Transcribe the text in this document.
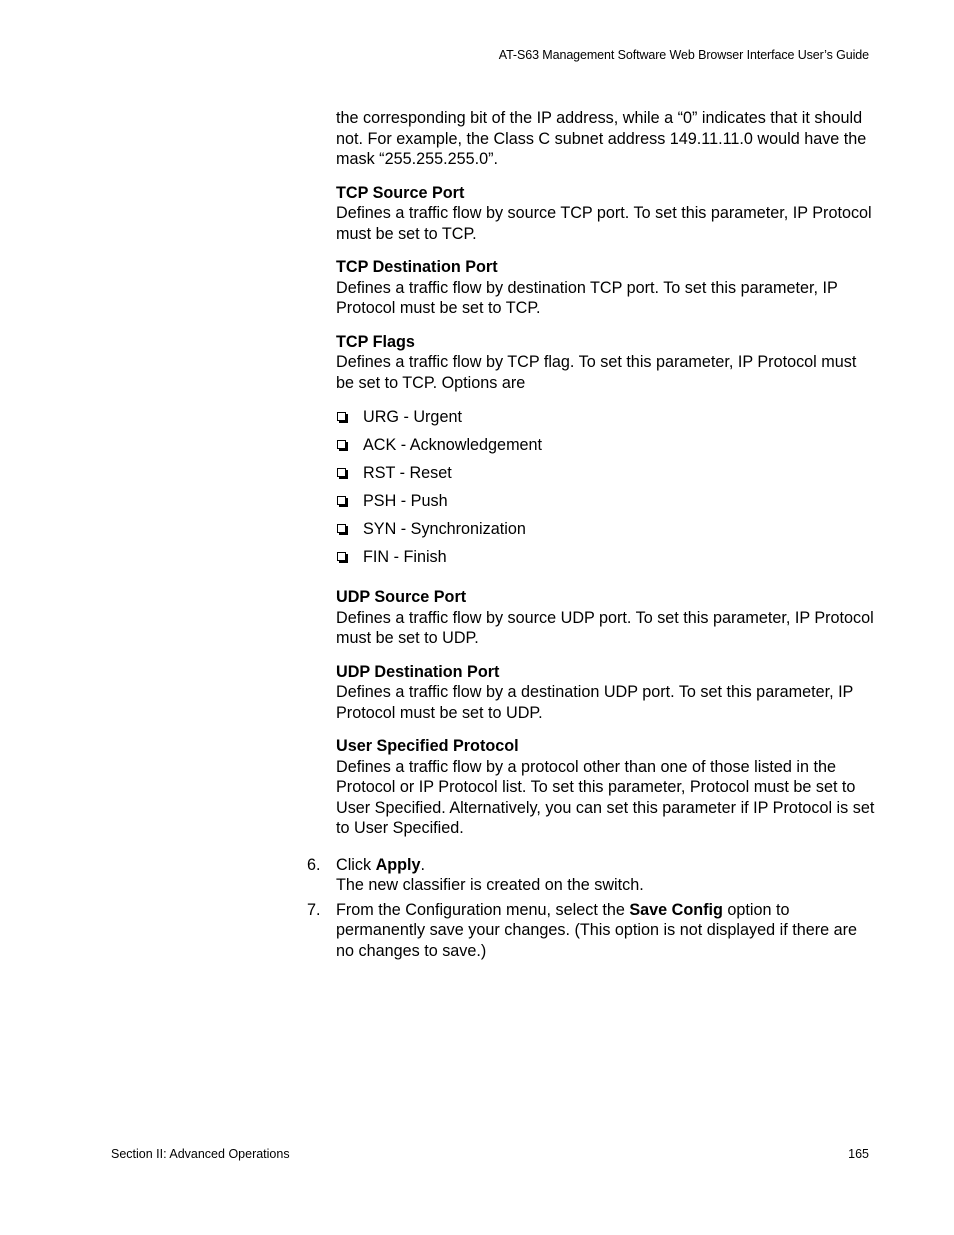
AT-S63 Management Software Web Browser Interface User’s Guide

the corresponding bit of the IP address, while a “0” indicates that it should not. For example, the Class C subnet address 149.11.11.0 would have the mask “255.255.255.0”.

TCP Source Port
Defines a traffic flow by source TCP port. To set this parameter, IP Protocol must be set to TCP.
TCP Destination Port
Defines a traffic flow by destination TCP port. To set this parameter, IP Protocol must be set to TCP.
TCP Flags
Defines a traffic flow by TCP flag. To set this parameter, IP Protocol must be set to TCP. Options are
URG - Urgent
ACK - Acknowledgement
RST - Reset
PSH - Push
SYN - Synchronization
FIN - Finish
UDP Source Port
Defines a traffic flow by source UDP port. To set this parameter, IP Protocol must be set to UDP.
UDP Destination Port
Defines a traffic flow by a destination UDP port. To set this parameter, IP Protocol must be set to UDP.
User Specified Protocol
Defines a traffic flow by a protocol other than one of those listed in the Protocol or IP Protocol list. To set this parameter, Protocol must be set to User Specified. Alternatively, you can set this parameter if IP Protocol is set to User Specified.
6. Click Apply.

The new classifier is created on the switch.

7. From the Configuration menu, select the Save Config option to permanently save your changes. (This option is not displayed if there are no changes to save.)
Section II: Advanced Operations	165
